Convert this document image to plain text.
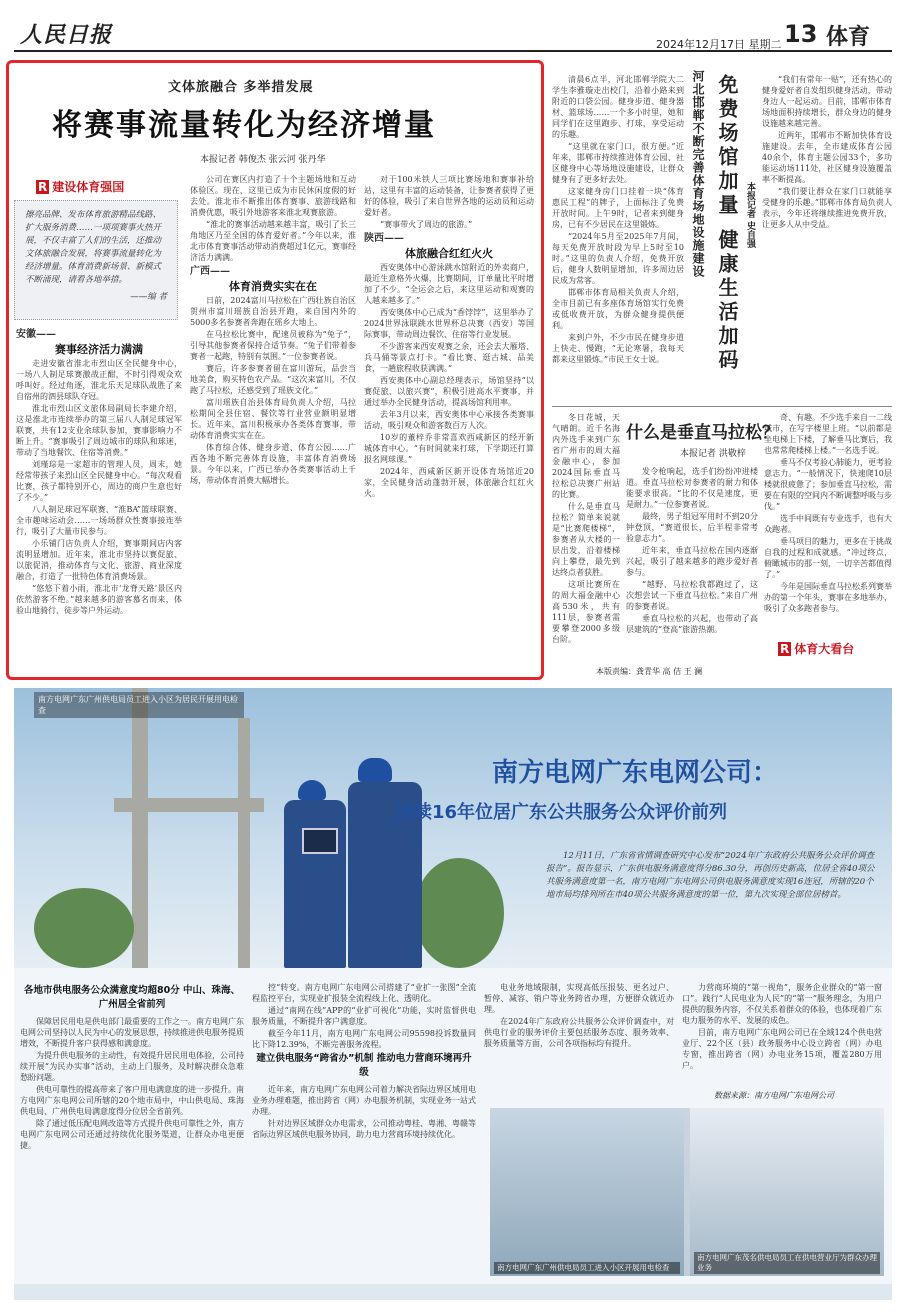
人民日报	2024年12月17日 星期二 13 体育
文体旅融合 多举措发展
将赛事流量转化为经济增量
本报记者 韩俊杰 张云河 张丹华
R 建设体育强国
擦亮品牌、发布体育旅游精品线路、扩大服务消费……一项项赛事火热开展，不仅丰富了人们的生活，还推动文体旅融合发展，将赛事流量转化为经济增量。体育消费新场景、新模式不断涌现，请看各地举措。
——编 者
安徽——
赛事经济活力满满

走进安徽省淮北市烈山区全民健身中心，一场八人制足球赛激战正酣，不时引得观众欢呼叫好。经过角逐，淮北乐天足球队战胜了来自宿州的泗县球队夺冠。

淮北市烈山区文旅体局副局长李建介绍，这是淮北市连续举办的第三届八人制足球冠军联赛，共有12支业余球队参加，赛事影响力不断上升。“赛事吸引了周边城市的球队和球迷，带动了当地餐饮、住宿等消费。”

刘瑾琮是一家超市的管理人员，周末，她经常带孩子来烈山区全民健身中心。“每次观看比赛，孩子都特别开心，周边的商户生意也好了不少。”

八人制足球冠军联赛、“淮BA”篮球联赛、全市趣味运动会……一场场群众性赛事接连举行，吸引了大量市民参与。

小乐铺门店负责人介绍，赛事期间店内客流明显增加。近年来，淮北市坚持以赛促旅、以旅促消，推动体育与文化、旅游、商业深度融合，打造了一批特色体育消费场景。

“悠悠下着小雨，淮北市‘龙脊天路’景区内依然游客不绝。”越来越多的游客慕名而来，体验山地骑行、徒步等户外运动。

公司在赛区内打造了十个主题场地和互动体验区。现在，这里已成为市民休闲度假的好去处。淮北市不断推出体育赛事、旅游线路和消费优惠，吸引外地游客来淮北观赛旅游。

“淮北的赛事活动越来越丰富，吸引了长三角地区乃至全国的体育爱好者。”今年以来，淮北市体育赛事活动带动消费超过1亿元，赛事经济活力满满。

广西——
体育消费实实在在

日前，2024富川马拉松在广西壮族自治区贺州市富川瑶族自治县开跑，来自国内外的5000多名参赛者奔跑在瑶乡大地上。

在马拉松比赛中，配速员被称为“兔子”，引导其他参赛者保持合适节奏。“兔子们带着参赛者一起跑，特别有氛围。”一位参赛者说。

赛后，许多参赛者留在富川游玩，品尝当地美食，购买特色农产品。“这次来富川，不仅跑了马拉松，还感受到了瑶族文化。”

富川瑶族自治县体育局负责人介绍，马拉松期间全县住宿、餐饮等行业营业额明显增长。近年来，富川积极承办各类体育赛事，带动体育消费实实在在。

体育综合体、健身步道、体育公园……广西各地不断完善体育设施，丰富体育消费场景。今年以来，广西已举办各类赛事活动上千场，带动体育消费大幅增长。

对于100米铁人三项比赛场地和赛事补给站，这里有丰富的运动装备，让参赛者获得了更好的体验，吸引了来自世界各地的运动员和运动爱好者。

“赛事带火了周边的旅游。”

陕西——
体旅融合红红火火

西安奥体中心游泳跳水馆附近的外卖商户，最近生意格外火爆，比赛期间，订单量比平时增加了不少。“全运会之后，来这里运动和观赛的人越来越多了。”

西安奥体中心已成为“香饽饽”，这里举办了2024世界泳联跳水世界杯总决赛（西安）等国际赛事，带动周边餐饮、住宿等行业发展。

不少游客来西安观赛之余，还会去大雁塔、兵马俑等景点打卡。“看比赛、逛古城、品美食，一趟旅程收获满满。”

西安奥体中心副总经理表示，场馆坚持“以赛促旅、以旅兴赛”，积极引进高水平赛事，并通过举办全民健身活动，提高场馆利用率。

去年3月以来，西安奥体中心承接各类赛事活动，吸引观众和游客数百万人次。

10岁的董梓乔非常喜欢西咸新区的经开新城体育中心。“有时间就来打球，下学期还打算报名网球课。”

2024年，西咸新区新开设体育场馆近20家，全民健身活动蓬勃开展，体旅融合红红火火。

清晨6点半，河北邯郸学院大二学生李雅璇走出校门，沿着小路来到附近的口袋公园。健身步道、健身器材、篮球场……一个多小时里，她和同学们在这里跑步、打球，享受运动的乐趣。

“这里就在家门口，很方便。”近年来，邯郸市持续推进体育公园、社区健身中心等场地设施建设，让群众健身有了更多好去处。

这家健身房门口挂着一块“体育惠民工程”的牌子，上面标注了免费开放时间。上午9时，记者来到健身房，已有不少居民在这里锻炼。

“2024年5月至2025年7月间，每天免费开放时段为早上5时至10时。”这里的负责人介绍，免费开放后，健身人数明显增加，许多周边居民成为常客。

邯郸市体育局相关负责人介绍，全市目前已有多座体育场馆实行免费或低收费开放，为群众健身提供便利。

来到户外，不少市民在健身步道上快走、慢跑，“无论寒暑，我每天都来这里锻炼。”市民王女士说。

河北邯郸不断完善体育场地设施建设 免费场馆加量 健康生活加码 本报记者 史自强

“我们有常年一贴”，还有热心的健身爱好者自发组织健身活动，带动身边人一起运动。目前，邯郸市体育场地面积持续增长，群众身边的健身设施越来越完善。

近两年，邯郸市不断加快体育设施建设。去年，全市建成体育公园40余个，体育主题公园33个，多功能运动场111处，社区健身设施覆盖率不断提高。

“我们要让群众在家门口就能享受健身的乐趣。”邯郸市体育局负责人表示，今年还将继续推进免费开放，让更多人从中受益。

冬日花城，天气晴朗。近千名海内外选手来到广东省广州市的周大福金融中心，参加2024国际垂直马拉松总决赛广州站的比赛。

什么是垂直马拉松？简单来说就是“比赛爬楼梯”，参赛者从大楼的一层出发，沿着楼梯向上攀登，最先到达终点者获胜。

这项比赛所在的周大福金融中心高530米，共有111层，参赛者需要攀登2000多级台阶。

什么是垂直马拉松？
本报记者 洪敬梓

发令枪响起，选手们纷纷冲进楼道。垂直马拉松对参赛者的耐力和体能要求很高。“比的不仅是速度，更是耐力。”一位参赛者说。

最终，男子组冠军用时不到20分钟登顶，“赛道很长，后半程非常考验意志力”。

近年来，垂直马拉松在国内逐渐兴起，吸引了越来越多的跑步爱好者参与。

“越野、马拉松我都跑过了，这次想尝试一下垂直马拉松。”来自广州的参赛者说。

垂直马拉松的兴起，也带动了高层建筑的“登高”旅游热潮。

奇、有趣。不少选手来自一二线城市，在写字楼里上班。“以前都是坐电梯上下楼，了解垂马比赛后，我也常常爬楼梯上楼。”一名选手说。

垂马不仅考验心肺能力，更考验意志力。“一般情况下，快速爬10层楼就很疲惫了；参加垂直马拉松，需要在有限的空间内不断调整呼吸与步伐。”

选手中间既有专业选手，也有大众跑者。

垂马项目的魅力，更多在于挑战自我的过程和成就感。“冲过终点，俯瞰城市的那一刻，一切辛苦都值得了。”

今年是国际垂直马拉松系列赛举办的第一个年头，赛事在多地举办，吸引了众多跑者参与。

R 体育大看台
本版责编：龚青华 高 佶 王 澜
南方电网广东广州供电局员工进入小区为居民开展用电检查
南方电网广东电网公司：
连续16年位居广东公共服务公众评价前列
12月11日，广东省省情调查研究中心发布“2024年广东政府公共服务公众评价调查报告”。报告显示，广东供电服务满意度得分86.30分，再创历史新高，位居全省40项公共服务满意度第一名，南方电网广东电网公司供电服务满意度实现16连冠，所辖的20个地市局均排列所在市40项公共服务满意度的第一位，第九次实现全部位居榜首。
各地市供电服务公众满意度均超80分 中山、珠海、广州居全省前列

保障居民用电是供电部门最重要的工作之一。南方电网广东电网公司坚持以人民为中心的发展思想，持续推进供电服务提质增效，不断提升客户获得感和满意度。

为提升供电服务的主动性，有效提升居民用电体验，公司持续开展“为民办实事”活动，主动上门服务，及时解决群众急难愁盼问题。

供电可靠性的提高带来了客户用电满意度的进一步提升。南方电网广东电网公司所辖的20个地市局中，中山供电局、珠海供电局、广州供电局满意度得分位居全省前列。

除了通过低压配电网改造等方式提升供电可靠性之外，南方电网广东电网公司还通过持续优化服务渠道，让群众办电更便捷。

控“转变。南方电网广东电网公司搭建了“业扩一张图”全流程监控平台，实现业扩报装全流程线上化、透明化。

通过“南网在线”APP的“业扩可视化”功能，实时监督供电服务质量，不断提升客户满意度。

截至今年11月，南方电网广东电网公司95598投诉数量同比下降12.39%，不断完善服务流程。

建立供电服务“跨省办”机制 推动电力营商环境再升级

近年来，南方电网广东电网公司着力解决省际边界区域用电业务办理难题，推出跨省（网）办电服务机制，实现业务一站式办理。

针对边界区域群众办电需求，公司推动粤桂、粤湘、粤赣等省际边界区域供电服务协同，助力电力营商环境持续优化。

电业务地域限制，实现高低压报装、更名过户、暂停、减容、销户等业务跨省办理，方便群众就近办理。

在2024年广东政府公共服务公众评价调查中，对供电行业的服务评价主要包括服务态度、服务效率、服务质量等方面，公司各项指标均有提升。

力营商环境的“第一视角”，服务企业群众的“第一窗口”。践行“人民电业为人民”的“第一”服务理念，为用户提供的服务内容，不仅关系着群众的体验，也体现着广东电力服务的水平、发展的成色。

目前，南方电网广东电网公司已在全域124个供电营业厅、22个区（县）政务服务中心设立跨省（网）办电专窗，推出跨省（网）办电业务15项，覆盖280万用户。

数据来源：南方电网广东电网公司
南方电网广东广州供电局员工进入小区开展用电检查
南方电网广东茂名供电局员工在供电营业厅为群众办理业务
